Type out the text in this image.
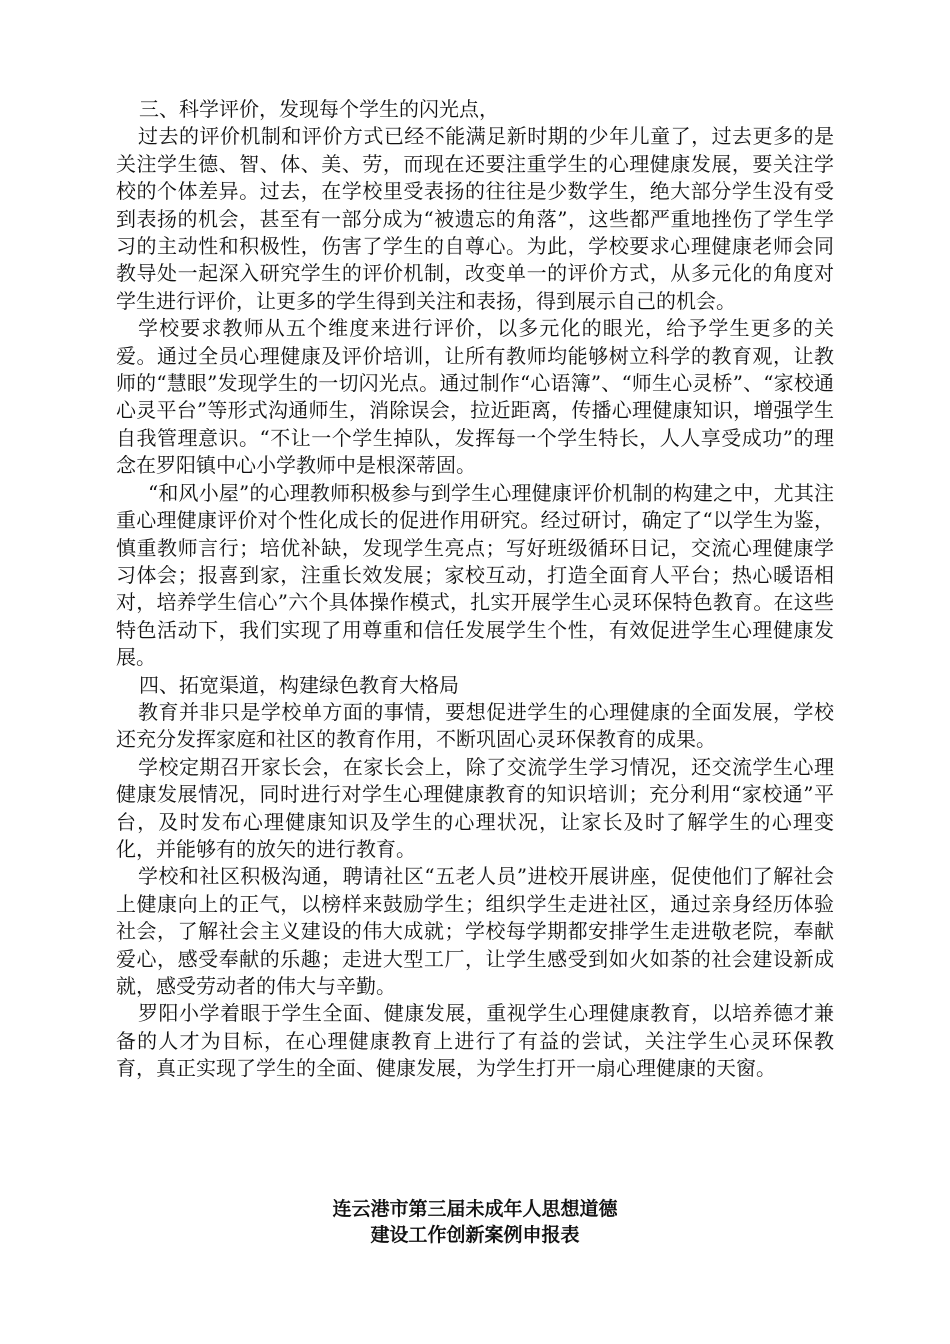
三、科学评价，发现每个学生的闪光点，

过去的评价机制和评价方式已经不能满足新时期的少年儿童了，过去更多的是关注学生德、智、体、美、劳，而现在还要注重学生的心理健康发展，要关注学校的个体差异。过去，在学校里受表扬的往往是少数学生，绝大部分学生没有受到表扬的机会，甚至有一部分成为“被遗忘的角落”，这些都严重地挫伤了学生学习的主动性和积极性，伤害了学生的自尊心。为此，学校要求心理健康老师会同教导处一起深入研究学生的评价机制，改变单一的评价方式，从多元化的角度对学生进行评价，让更多的学生得到关注和表扬，得到展示自己的机会。

学校要求教师从五个维度来进行评价，以多元化的眼光，给予学生更多的关爱。通过全员心理健康及评价培训，让所有教师均能够树立科学的教育观，让教师的“慧眼”发现学生的一切闪光点。通过制作“心语簿”、“师生心灵桥”、“家校通心灵平台”等形式沟通师生，消除误会，拉近距离，传播心理健康知识，增强学生自我管理意识。“不让一个学生掉队，发挥每一个学生特长，人人享受成功”的理念在罗阳镇中心小学教师中是根深蒂固。

“和风小屋”的心理教师积极参与到学生心理健康评价机制的构建之中，尤其注重心理健康评价对个性化成长的促进作用研究。经过研讨，确定了“以学生为鉴，慎重教师言行；培优补缺，发现学生亮点；写好班级循环日记，交流心理健康学习体会；报喜到家，注重长效发展；家校互动，打造全面育人平台；热心暖语相对，培养学生信心”六个具体操作模式，扎实开展学生心灵环保特色教育。在这些特色活动下，我们实现了用尊重和信任发展学生个性，有效促进学生心理健康发展。

四、拓宽渠道，构建绿色教育大格局

教育并非只是学校单方面的事情，要想促进学生的心理健康的全面发展，学校还充分发挥家庭和社区的教育作用，不断巩固心灵环保教育的成果。

学校定期召开家长会，在家长会上，除了交流学生学习情况，还交流学生心理健康发展情况，同时进行对学生心理健康教育的知识培训；充分利用“家校通”平台，及时发布心理健康知识及学生的心理状况，让家长及时了解学生的心理变化，并能够有的放矢的进行教育。

学校和社区积极沟通，聘请社区“五老人员”进校开展讲座，促使他们了解社会上健康向上的正气，以榜样来鼓励学生；组织学生走进社区，通过亲身经历体验社会，了解社会主义建设的伟大成就；学校每学期都安排学生走进敬老院，奉献爱心，感受奉献的乐趣；走进大型工厂，让学生感受到如火如荼的社会建设新成就，感受劳动者的伟大与辛勤。

罗阳小学着眼于学生全面、健康发展，重视学生心理健康教育，以培养德才兼备的人才为目标，在心理健康教育上进行了有益的尝试，关注学生心灵环保教育，真正实现了学生的全面、健康发展，为学生打开一扇心理健康的天窗。

连云港市第三届未成年人思想道德
建设工作创新案例申报表
